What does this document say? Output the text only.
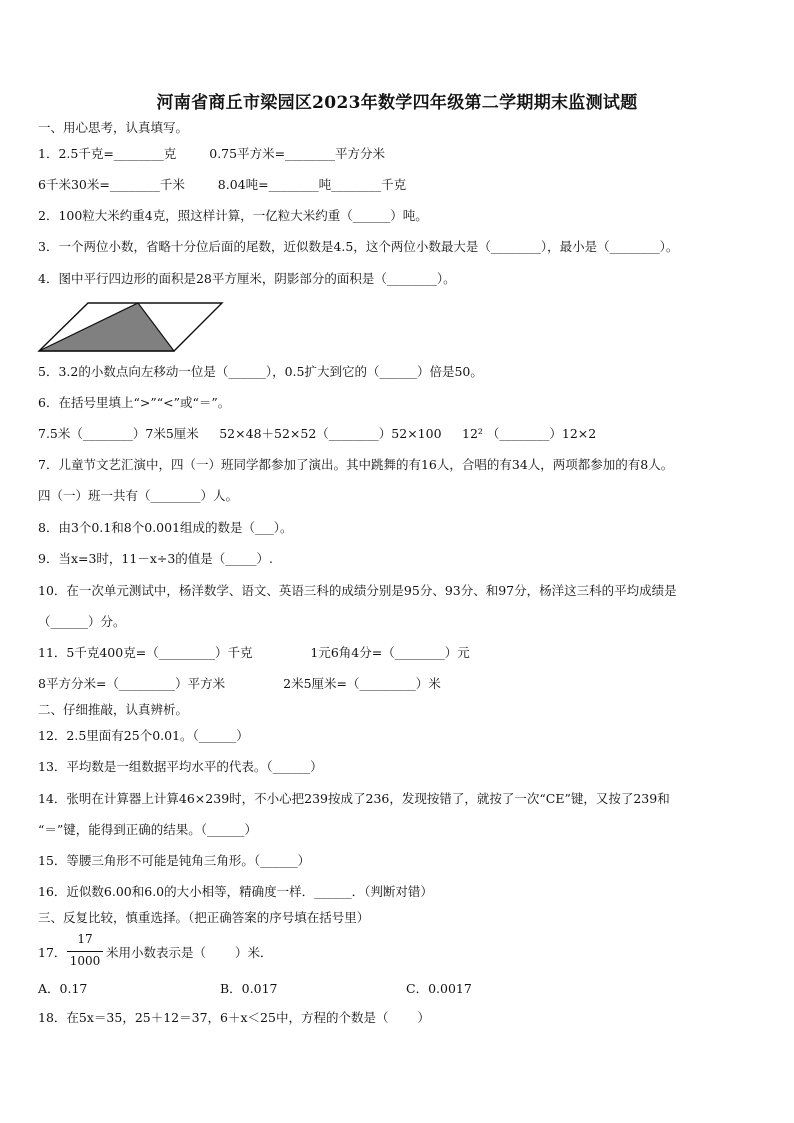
河南省商丘市梁园区2023年数学四年级第二学期期末监测试题
一、用心思考，认真填写。
1．2.5千克=________克 　　 0.75平方米=________平方分米
6千米30米=________千米 　　 8.04吨=________吨________千克
2．100粒大米约重4克，照这样计算，一亿粒大米约重（______）吨。
3．一个两位小数，省略十分位后面的尾数，近似数是4.5，这个两位小数最大是（________），最小是（________）。
4．图中平行四边形的面积是28平方厘米，阴影部分的面积是（________）。
5．3.2的小数点向左移动一位是（______），0.5扩大到它的（______）倍是50。
6．在括号里填上“>”“<”或“＝”。
7.5米（________）7米5厘米 　 52×48＋52×52（________）52×100 　 12² （________）12×2
7．儿童节文艺汇演中，四（一）班同学都参加了演出。其中跳舞的有16人，合唱的有34人，两项都参加的有8人。
四（一）班一共有（________）人。
8．由3个0.1和8个0.001组成的数是（___）。
9．当x=3时，11－x÷3的值是（_____）.
10．在一次单元测试中，杨洋数学、语文、英语三科的成绩分别是95分、93分、和97分，杨洋这三科的平均成绩是
（______）分。
11．5千克400克=（_________）千克 　　　　 1元6角4分=（________）元
8平方分米=（_________）平方米 　　　　 2米5厘米=（_________）米
二、仔细推敲，认真辨析。
12．2.5里面有25个0.01。（______）
13．平均数是一组数据平均水平的代表。（______）
14．张明在计算器上计算46×239时，不小心把239按成了236，发现按错了，就按了一次“CE”键，又按了239和
“＝”键，能得到正确的结果。（______）
15．等腰三角形不可能是钝角三角形。（______）
16．近似数6.00和6.0的大小相等，精确度一样．______．（判断对错）
三、反复比较，慎重选择。（把正确答案的序号填在括号里）
17．
17
1000
米用小数表示是（ 　　）米．
A．0.17	B．0.017	C．0.0017
18．在5x＝35，25＋12＝37，6＋x＜25中，方程的个数是（ 　　）
